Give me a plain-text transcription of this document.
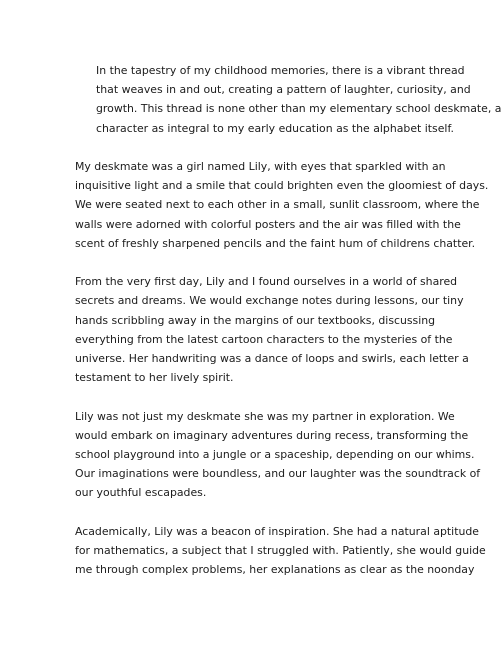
In the tapestry of my childhood memories, there is a vibrant thread
that weaves in and out, creating a pattern of laughter, curiosity, and
growth. This thread is none other than my elementary school deskmate, a
character as integral to my early education as the alphabet itself.

My deskmate was a girl named Lily, with eyes that sparkled with an
inquisitive light and a smile that could brighten even the gloomiest of days.
We were seated next to each other in a small, sunlit classroom, where the
walls were adorned with colorful posters and the air was filled with the
scent of freshly sharpened pencils and the faint hum of childrens chatter.

From the very first day, Lily and I found ourselves in a world of shared
secrets and dreams. We would exchange notes during lessons, our tiny
hands scribbling away in the margins of our textbooks, discussing
everything from the latest cartoon characters to the mysteries of the
universe. Her handwriting was a dance of loops and swirls, each letter a
testament to her lively spirit.

Lily was not just my deskmate she was my partner in exploration. We
would embark on imaginary adventures during recess, transforming the
school playground into a jungle or a spaceship, depending on our whims.
Our imaginations were boundless, and our laughter was the soundtrack of
our youthful escapades.

Academically, Lily was a beacon of inspiration. She had a natural aptitude
for mathematics, a subject that I struggled with. Patiently, she would guide
me through complex problems, her explanations as clear as the noonday
